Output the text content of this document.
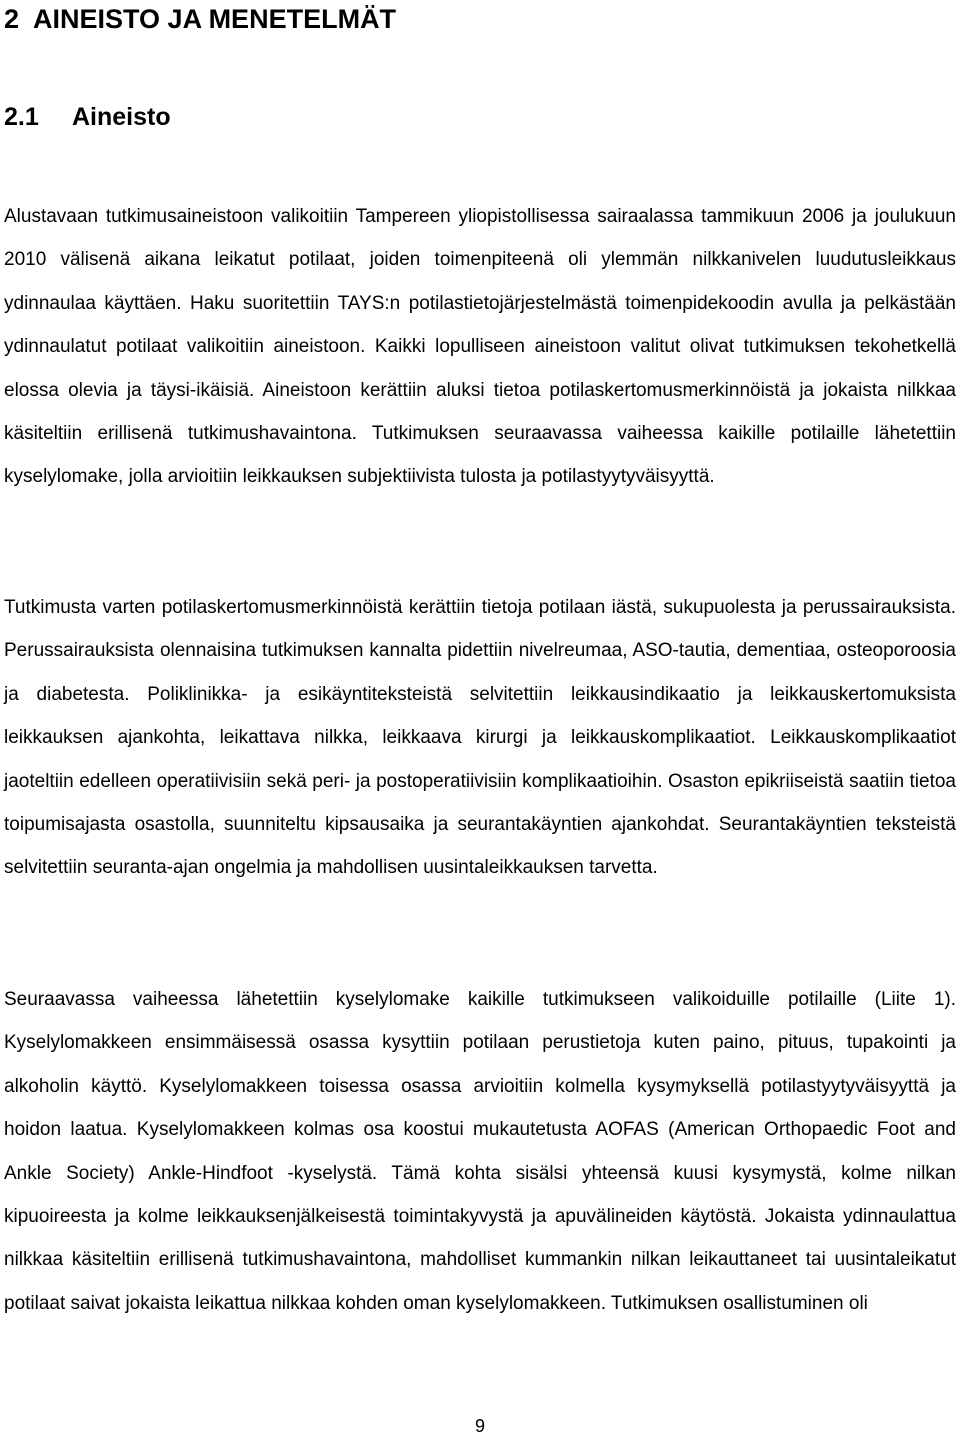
2 AINEISTO JA MENETELMÄT
2.1 Aineisto

Alustavaan tutkimusaineistoon valikoitiin Tampereen yliopistollisessa sairaalassa tammikuun 2006 ja joulukuun 2010 välisenä aikana leikatut potilaat, joiden toimenpiteenä oli ylemmän nilkkanivelen luudutusleikkaus ydinnaulaa käyttäen. Haku suoritettiin TAYS:n potilastietojärjestelmästä toimenpidekoodin avulla ja pelkästään ydinnaulatut potilaat valikoitiin aineistoon. Kaikki lopulliseen aineistoon valitut olivat tutkimuksen tekohetkellä elossa olevia ja täysi-ikäisiä. Aineistoon kerättiin aluksi tietoa potilaskertomusmerkinnöistä ja jokaista nilkkaa käsiteltiin erillisenä tutkimushavaintona. Tutkimuksen seuraavassa vaiheessa kaikille potilaille lähetettiin kyselylomake, jolla arvioitiin leikkauksen subjektiivista tulosta ja potilastyytyväisyyttä.

Tutkimusta varten potilaskertomusmerkinnöistä kerättiin tietoja potilaan iästä, sukupuolesta ja perussairauksista. Perussairauksista olennaisina tutkimuksen kannalta pidettiin nivelreumaa, ASO-tautia, dementiaa, osteoporoosia ja diabetesta. Poliklinikka- ja esikäyntiteksteistä selvitettiin leikkausindikaatio ja leikkauskertomuksista leikkauksen ajankohta, leikattava nilkka, leikkaava kirurgi ja leikkauskomplikaatiot. Leikkauskomplikaatiot jaoteltiin edelleen operatiivisiin sekä peri- ja postoperatiivisiin komplikaatioihin. Osaston epikriiseistä saatiin tietoa toipumisajasta osastolla, suunniteltu kipsausaika ja seurantakäyntien ajankohdat. Seurantakäyntien teksteistä selvitettiin seuranta-ajan ongelmia ja mahdollisen uusintaleikkauksen tarvetta.

Seuraavassa vaiheessa lähetettiin kyselylomake kaikille tutkimukseen valikoiduille potilaille (Liite 1). Kyselylomakkeen ensimmäisessä osassa kysyttiin potilaan perustietoja kuten paino, pituus, tupakointi ja alkoholin käyttö. Kyselylomakkeen toisessa osassa arvioitiin kolmella kysymyksellä potilastyytyväisyyttä ja hoidon laatua. Kyselylomakkeen kolmas osa koostui mukautetusta AOFAS (American Orthopaedic Foot and Ankle Society) Ankle-Hindfoot -kyselystä. Tämä kohta sisälsi yhteensä kuusi kysymystä, kolme nilkan kipuoireesta ja kolme leikkauksenjälkeisestä toimintakyvystä ja apuvälineiden käytöstä. Jokaista ydinnaulattua nilkkaa käsiteltiin erillisenä tutkimushavaintona, mahdolliset kummankin nilkan leikauttaneet tai uusintaleikatut potilaat saivat jokaista leikattua nilkkaa kohden oman kyselylomakkeen. Tutkimuksen osallistuminen oli

9
